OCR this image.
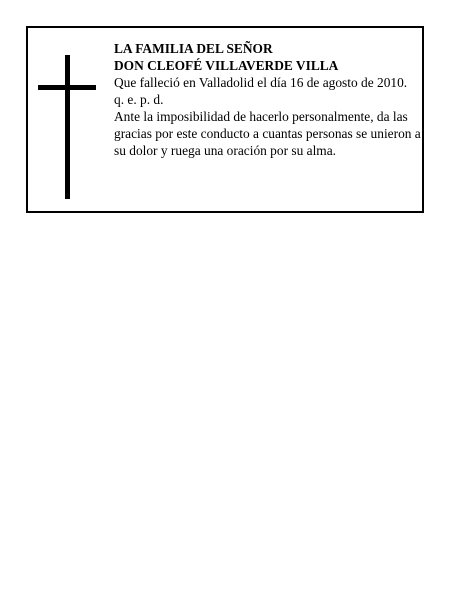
LA FAMILIA DEL SEÑOR

DON CLEOFÉ VILLAVERDE VILLA

Que falleció en Valladolid el día 16 de agosto de 2010.

q. e. p. d.

Ante la imposibilidad de hacerlo personalmente, da las gracias por este conducto a cuantas personas se unieron a su dolor y ruega una oración por su alma.
